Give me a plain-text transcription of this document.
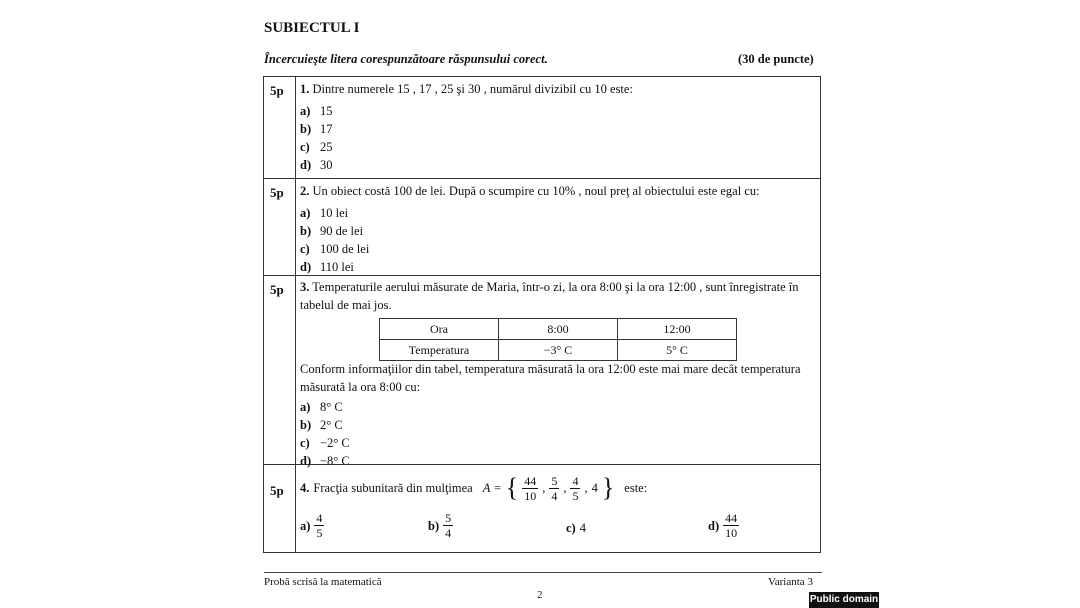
SUBIECTUL I
Încercuieşte litera corespunzătoare răspunsului corect.	(30 de puncte)
5p 1. Dintre numerele 15 , 17 , 25 şi 30 , numărul divizibil cu 10 este:
a) 15
b) 17
c) 25
d) 30
5p 2. Un obiect costă 100 de lei. După o scumpire cu 10% , noul preţ al obiectului este egal cu:
a) 10 lei
b) 90 de lei
c) 100 de lei
d) 110 lei
5p 3. Temperaturile aerului măsurate de Maria, într-o zi, la ora 8:00 şi la ora 12:00 , sunt înregistrate în tabelul de mai jos.
Ora	8:00	12:00
Temperatura	−3° C	5° C
Conform informaţiilor din tabel, temperatura măsurată la ora 12:00 este mai mare decât temperatura măsurată la ora 8:00 cu:
a) 8° C
b) 2° C
c) −2° C
d) −8° C
5p 4. Fracţia subunitară din mulţimea A = { $\frac{44}{10}$ , $\frac{5}{4}$ , $\frac{4}{5}$ , 4 } este:
$a) \frac{4}{5}$	$b) \frac{5}{4}$	c) 4	$d) \frac{44}{10}$
Probă scrisă la matematică	Varianta 3
2	Public domain
